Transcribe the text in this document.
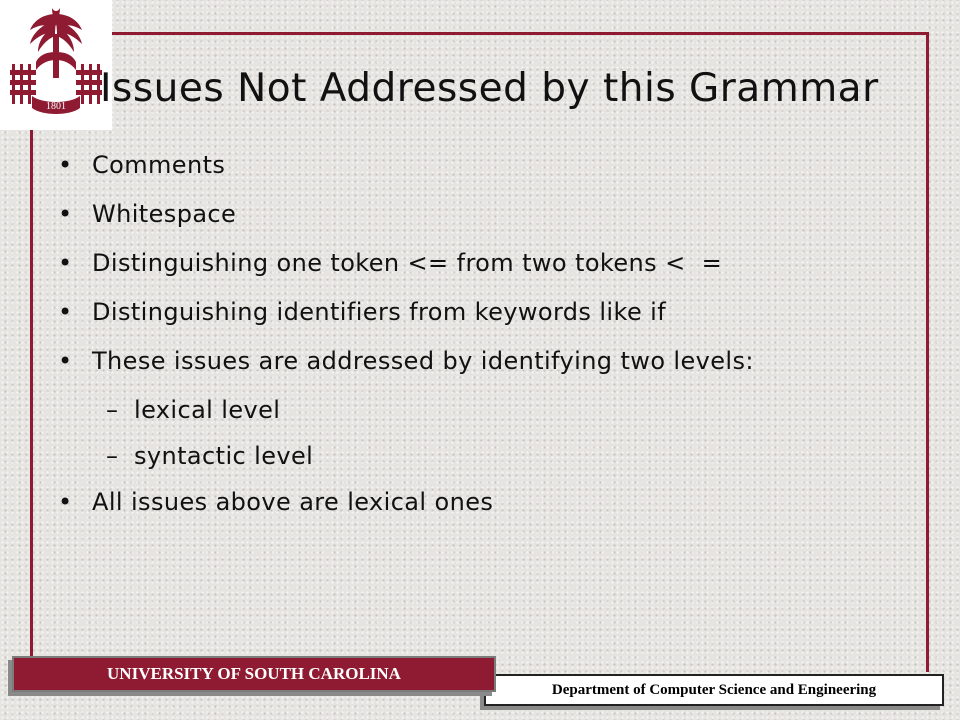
1801 Issues Not Addressed by this Grammar
• Comments
• Whitespace
• Distinguishing one token <= from two tokens <  =
• Distinguishing identifiers from keywords like if
• These issues are addressed by identifying two levels:
– lexical level
– syntactic level
• All issues above are lexical ones
Department of Computer Science and Engineering
UNIVERSITY OF SOUTH CAROLINA
